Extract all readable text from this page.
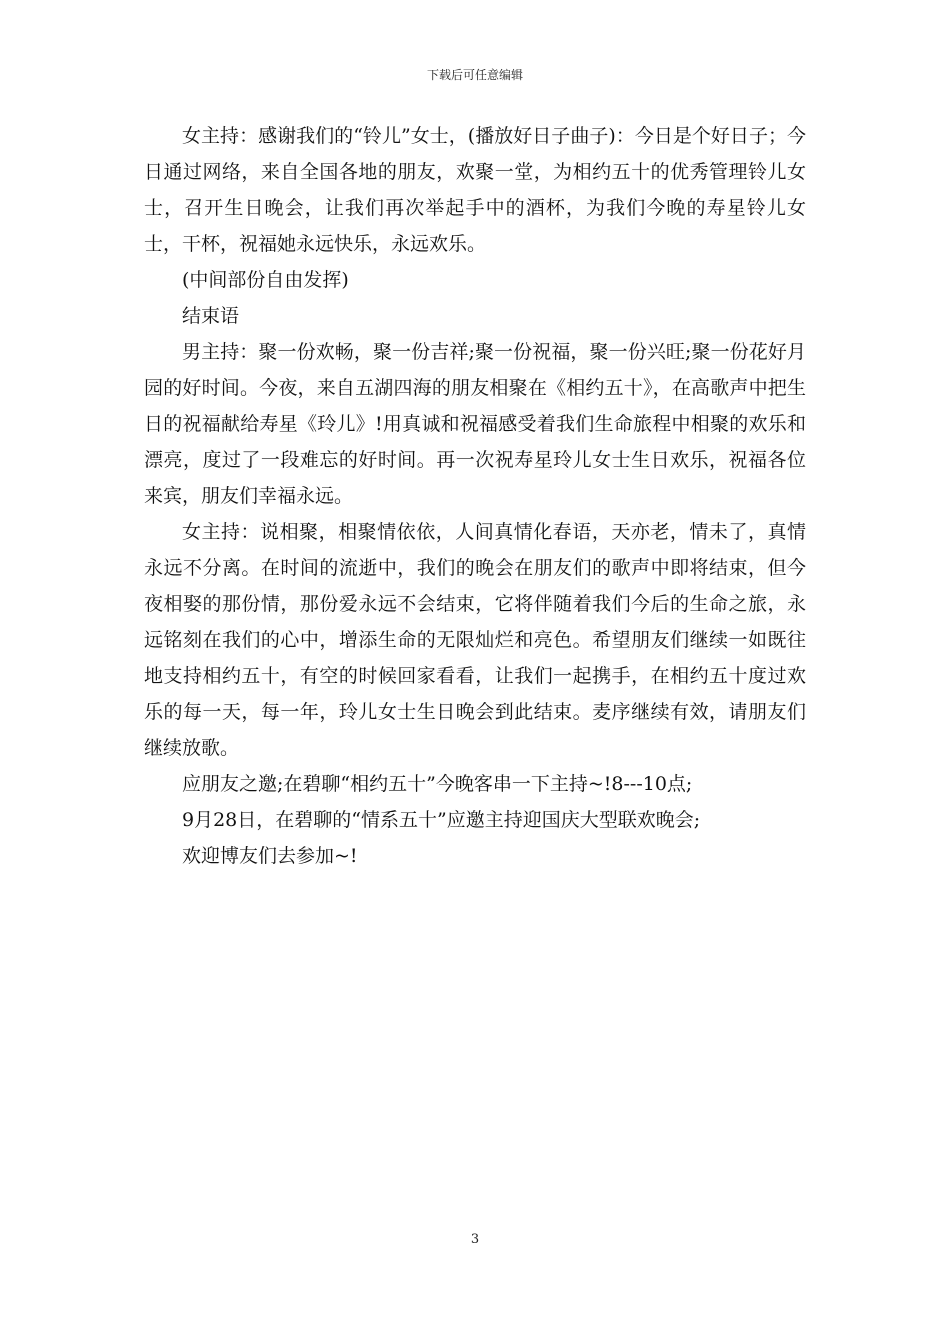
下载后可任意编辑

女主持：感谢我们的“铃儿”女士，(播放好日子曲子)：今日是个好日子；今日通过网络，来自全国各地的朋友，欢聚一堂，为相约五十的优秀管理铃儿女士，召开生日晚会，让我们再次举起手中的酒杯，为我们今晚的寿星铃儿女士，干杯，祝福她永远快乐，永远欢乐。

(中间部份自由发挥)

结束语

男主持：聚一份欢畅，聚一份吉祥;聚一份祝福，聚一份兴旺;聚一份花好月园的好时间。今夜，来自五湖四海的朋友相聚在《相约五十》，在高歌声中把生日的祝福献给寿星《玲儿》!用真诚和祝福感受着我们生命旅程中相聚的欢乐和漂亮，度过了一段难忘的好时间。再一次祝寿星玲儿女士生日欢乐，祝福各位来宾，朋友们幸福永远。

女主持：说相聚，相聚情依依，人间真情化春语，天亦老，情未了，真情永远不分离。在时间的流逝中，我们的晚会在朋友们的歌声中即将结束，但今夜相娶的那份情，那份爱永远不会结束，它将伴随着我们今后的生命之旅，永远铭刻在我们的心中，增添生命的无限灿烂和亮色。希望朋友们继续一如既往地支持相约五十，有空的时候回家看看，让我们一起携手，在相约五十度过欢乐的每一天，每一年，玲儿女士生日晚会到此结束。麦序继续有效，请朋友们继续放歌。

应朋友之邀;在碧聊“相约五十”今晚客串一下主持~!8---10点;

9月28日，在碧聊的“情系五十”应邀主持迎国庆大型联欢晚会;

欢迎博友们去参加~!

3
